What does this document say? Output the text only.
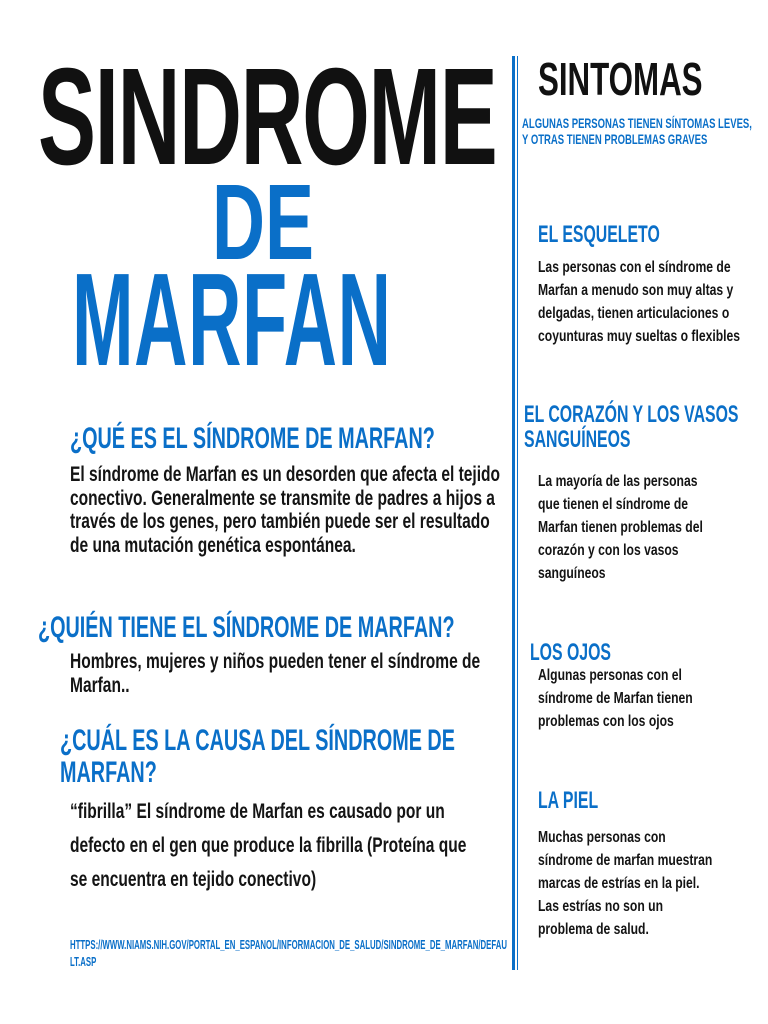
SINDROME
DE
MARFAN
¿QUÉ ES EL SÍNDROME DE MARFAN?
El síndrome de Marfan es un desorden que afecta el tejido conectivo. Generalmente se transmite de padres a hijos a través de los genes, pero también puede ser el resultado de una mutación genética espontánea.
¿QUIÉN TIENE EL SÍNDROME DE MARFAN?
Hombres, mujeres y niños pueden tener el síndrome de Marfan..
¿CUÁL ES LA CAUSA DEL SÍNDROME DE MARFAN?
“fibrilla” El síndrome de Marfan es causado por un defecto en el gen que produce la fibrilla (Proteína que se encuentra en tejido conectivo)
HTTPS://WWW.NIAMS.NIH.GOV/PORTAL_EN_ESPANOL/INFORMACION_DE_SALUD/SINDROME_DE_MARFAN/DEFAULT.ASP
SINTOMAS
ALGUNAS PERSONAS TIENEN SÍNTOMAS LEVES, Y OTRAS TIENEN PROBLEMAS GRAVES
EL ESQUELETO
Las personas con el síndrome de Marfan a menudo son muy altas y delgadas, tienen articulaciones o coyunturas muy sueltas o flexibles
EL CORAZÓN Y LOS VASOS SANGUÍNEOS
La mayoría de las personas que tienen el síndrome de Marfan tienen problemas del corazón y con los vasos sanguíneos
LOS OJOS
Algunas personas con el síndrome de Marfan tienen problemas con los ojos
LA PIEL
Muchas personas con síndrome de marfan muestran marcas de estrías en la piel. Las estrías no son un problema de salud.
